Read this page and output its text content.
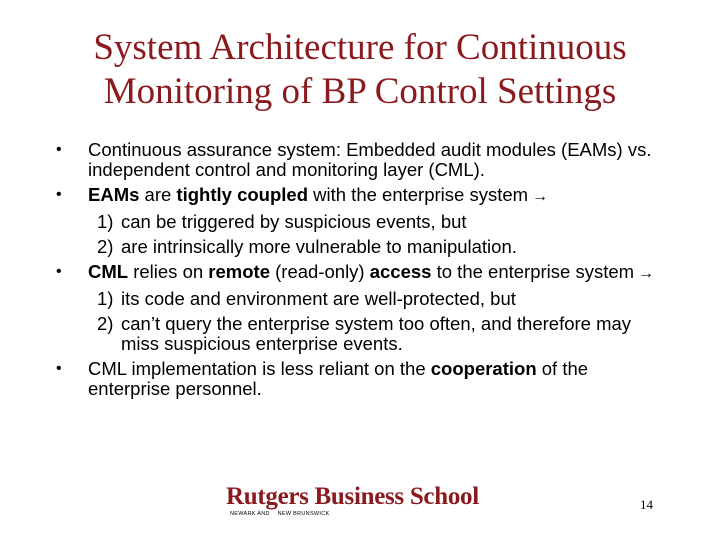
System Architecture for Continuous
Monitoring of BP Control Settings
•	Continuous assurance system: Embedded audit modules (EAMs) vs. independent control and monitoring layer (CML).
•	EAMs are tightly coupled with the enterprise system →
1) can be triggered by suspicious events, but
2) are intrinsically more vulnerable to manipulation.
•	CML relies on remote (read-only) access to the enterprise system →
1) its code and environment are well-protected, but
2) can’t query the enterprise system too often, and therefore may miss suspicious enterprise events.
•	CML implementation is less reliant on the cooperation of the enterprise personnel.
Rutgers Business School
NEWARK AND NEW BRUNSWICK
14
